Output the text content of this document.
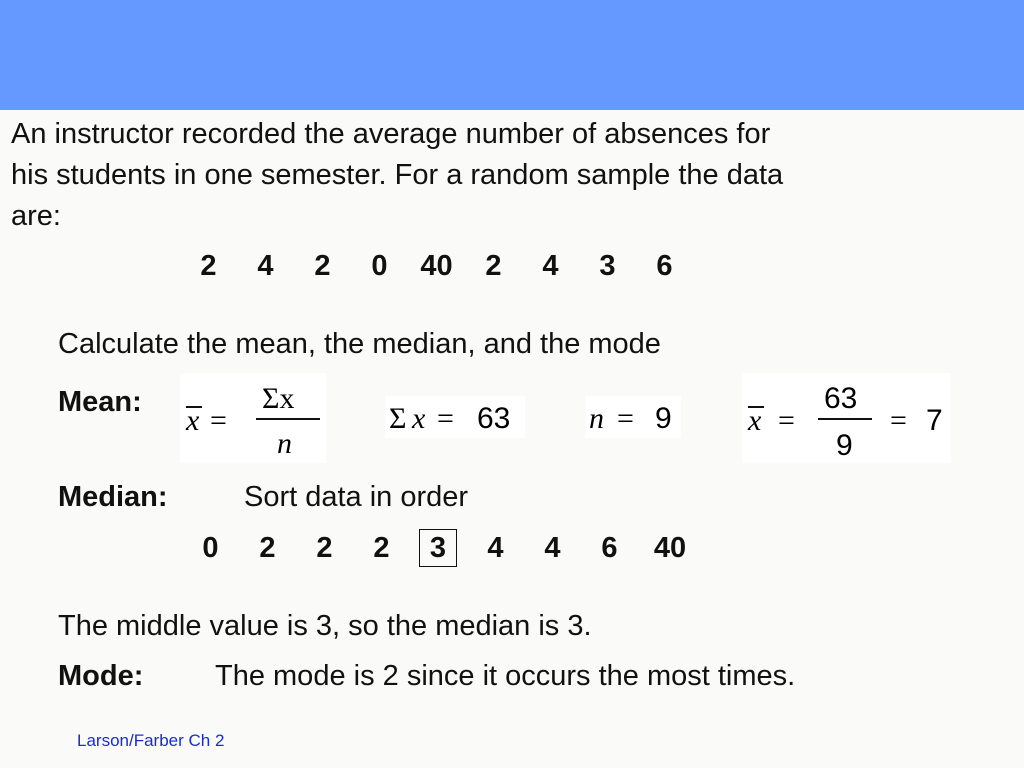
An instructor recorded the average number of absences for his students in one semester. For a random sample the data are:

2	4	2	0	40	2	4	3	6
Calculate the mean, the median, and the mode
Mean:
x =
Σx
n
Σ x = 63	n = 9	x =
63
9
= 7
Median:	Sort data in order
0	2	2	2	3	4	4	6	40
The middle value is 3, so the median is 3.
Mode: The mode is 2 since it occurs the most times.
Larson/Farber Ch 2
